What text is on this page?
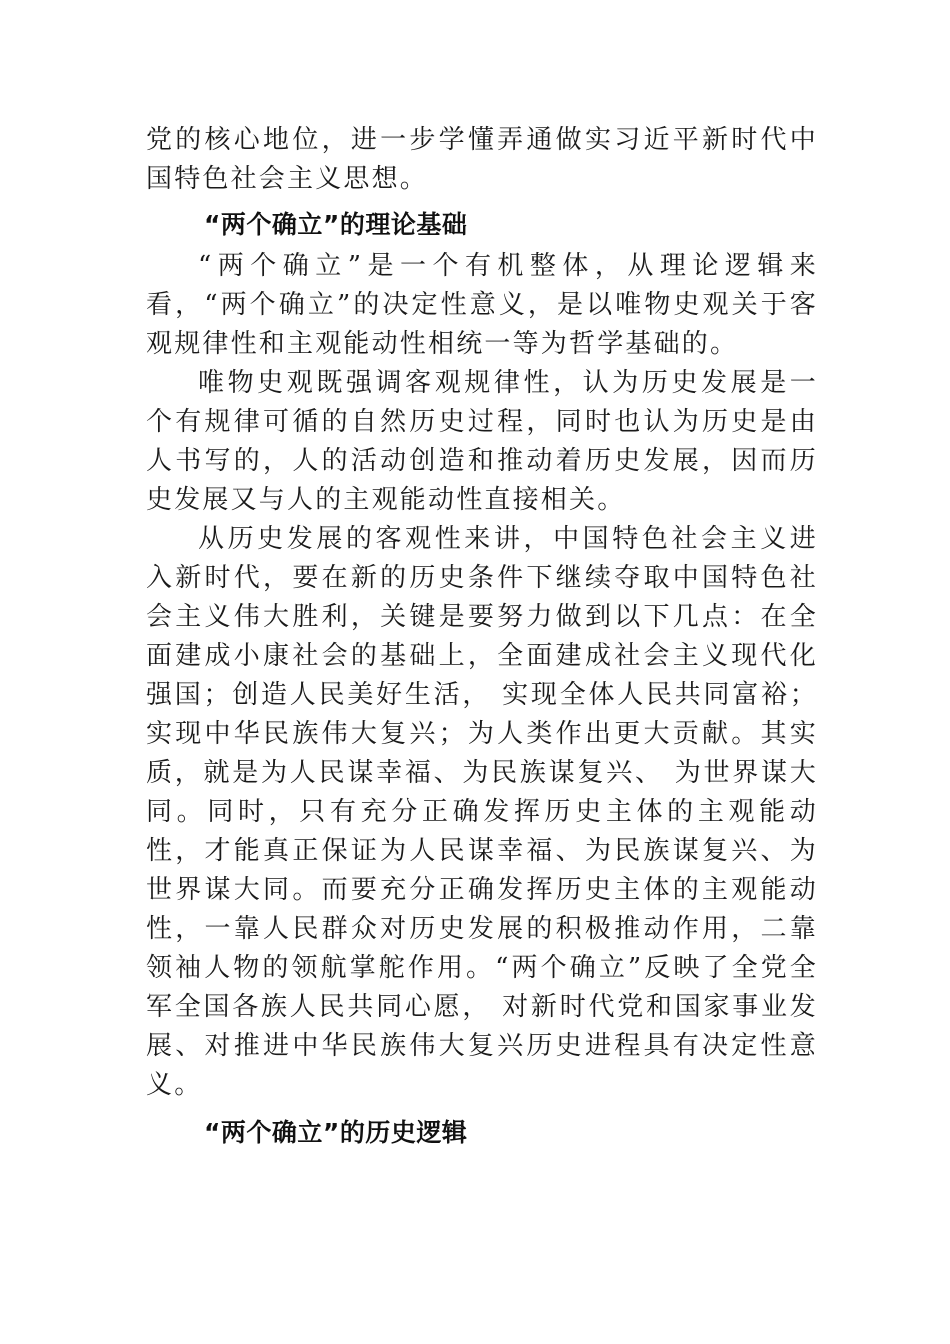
党的核心地位，进一步学懂弄通做实习近平新时代中国特色社会主义思想。

“两个确立”的理论基础

“两个确立”是一个有机整体，从理论逻辑来看，“两个确立”的决定性意义，是以唯物史观关于客观规律性和主观能动性相统一等为哲学基础的。

唯物史观既强调客观规律性，认为历史发展是一个有规律可循的自然历史过程，同时也认为历史是由人书写的，人的活动创造和推动着历史发展，因而历史发展又与人的主观能动性直接相关。

从历史发展的客观性来讲，中国特色社会主义进入新时代，要在新的历史条件下继续夺取中国特色社会主义伟大胜利，关键是要努力做到以下几点：在全面建成小康社会的基础上，全面建成社会主义现代化强国；创造人民美好生活， 实现全体人民共同富裕；实现中华民族伟大复兴；为人类作出更大贡献。其实质，就是为人民谋幸福、为民族谋复兴、 为世界谋大同。同时，只有充分正确发挥历史主体的主观能动性，才能真正保证为人民谋幸福、为民族谋复兴、为世界谋大同。而要充分正确发挥历史主体的主观能动性，一靠人民群众对历史发展的积极推动作用，二靠领袖人物的领航掌舵作用。“两个确立”反映了全党全军全国各族人民共同心愿， 对新时代党和国家事业发展、对推进中华民族伟大复兴历史进程具有决定性意义。

“两个确立”的历史逻辑
